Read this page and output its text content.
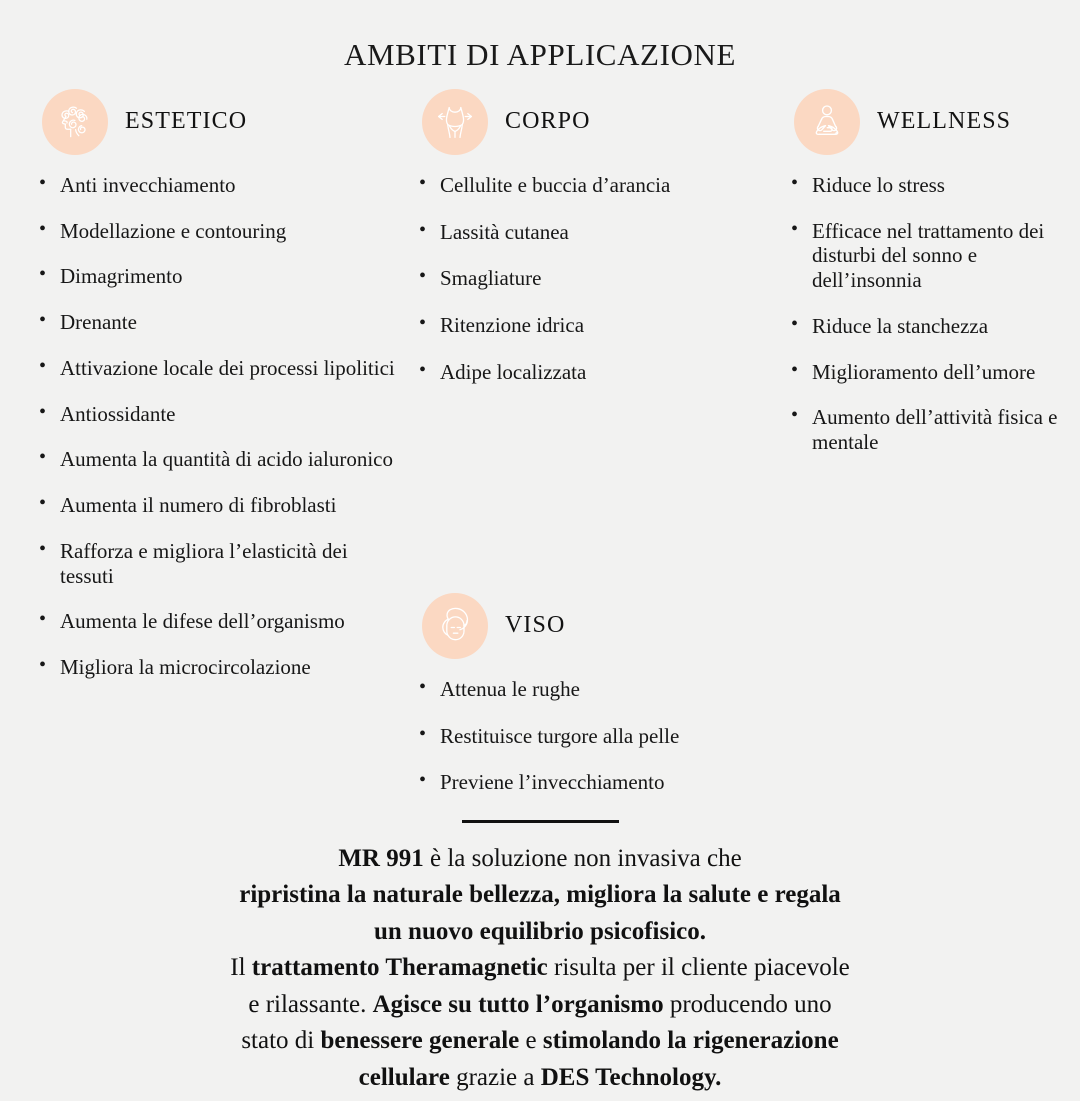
AMBITI DI APPLICAZIONE
ESTETICO
• Anti invecchiamento
• Modellazione e contouring
• Dimagrimento
• Drenante
• Attivazione locale dei processi lipolitici
• Antiossidante
• Aumenta la quantità di acido ialuronico
• Aumenta il numero di fibroblasti
• Rafforza e migliora l’elasticità dei tessuti
• Aumenta le difese dell’organismo
• Migliora la microcircolazione
CORPO
• Cellulite e buccia d’arancia
• Lassità cutanea
• Smagliature
• Ritenzione idrica
• Adipe localizzata
WELLNESS
• Riduce lo stress
• Efficace nel trattamento dei disturbi del sonno e dell’insonnia
• Riduce la stanchezza
• Miglioramento dell’umore
• Aumento dell’attività fisica e mentale
VISO
• Attenua le rughe
• Restituisce turgore alla pelle
• Previene l’invecchiamento
MR 991 è la soluzione non invasiva che
ripristina la naturale bellezza, migliora la salute e regala
un nuovo equilibrio psicofisico.
Il trattamento Theramagnetic risulta per il cliente piacevole
e rilassante. Agisce su tutto l’organismo producendo uno
stato di benessere generale e stimolando la rigenerazione
cellulare grazie a DES Technology.
